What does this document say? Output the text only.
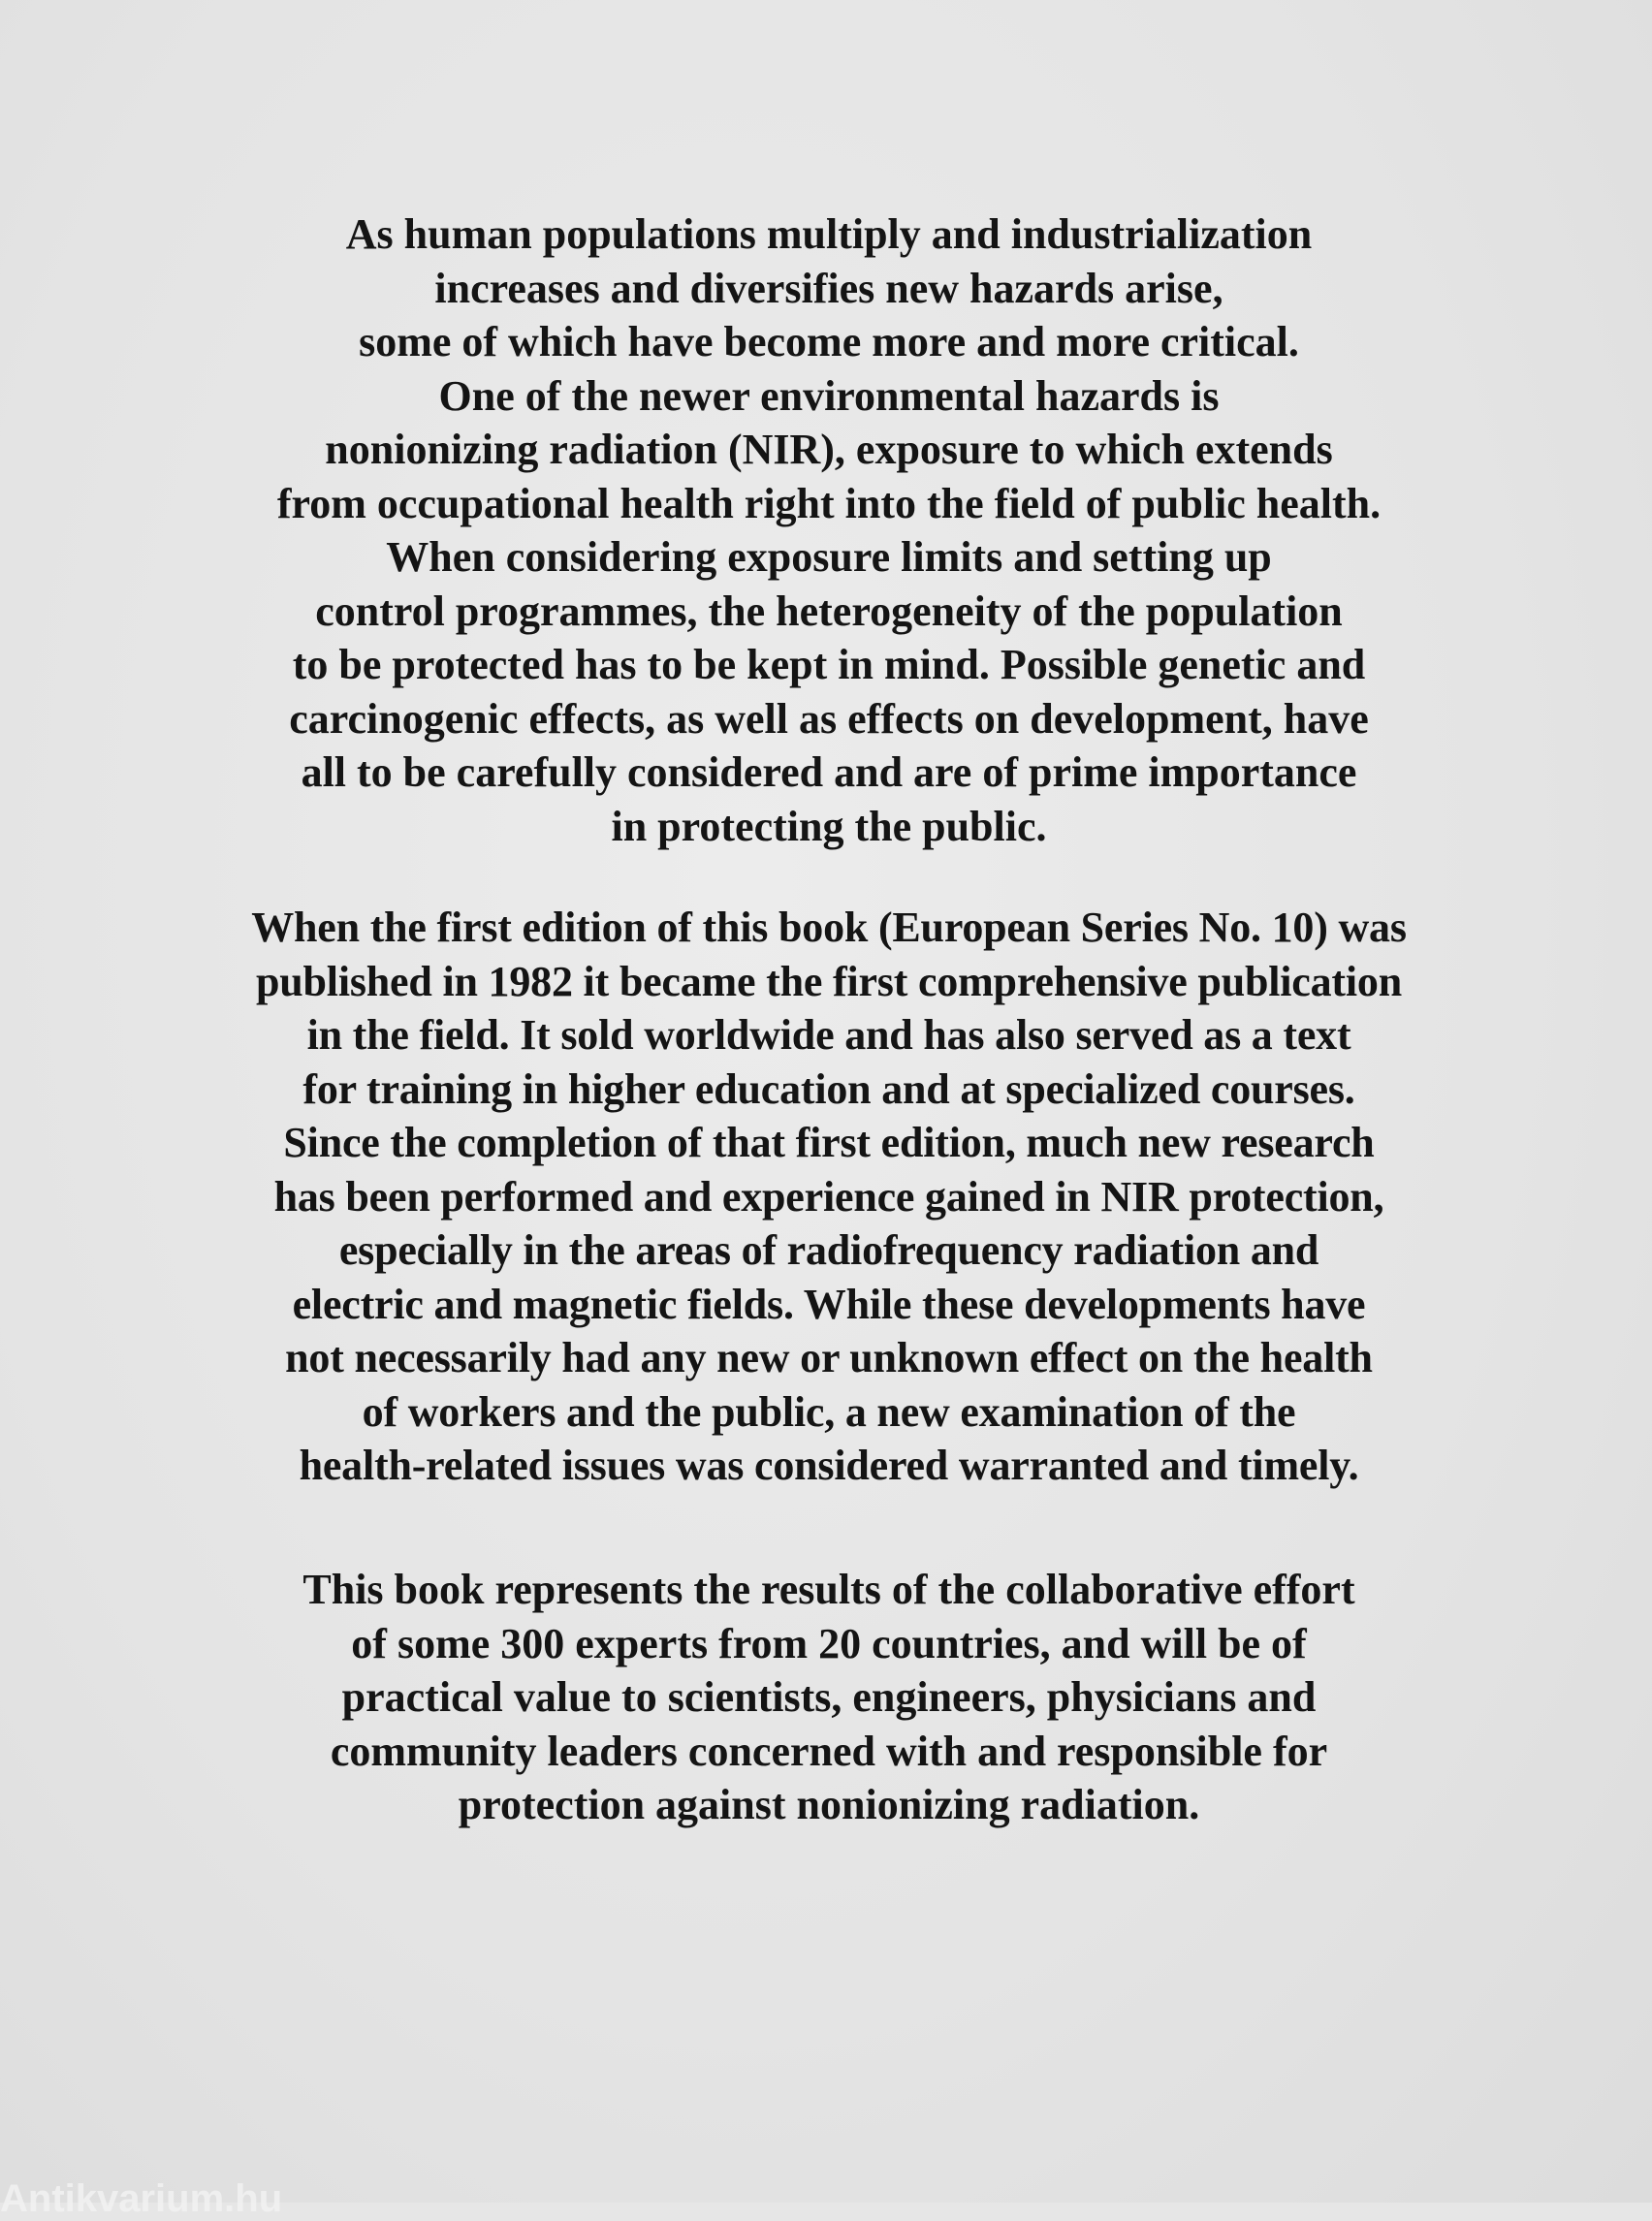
As human populations multiply and industrialization
increases and diversifies new hazards arise,
some of which have become more and more critical.
One of the newer environmental hazards is
nonionizing radiation (NIR), exposure to which extends
from occupational health right into the field of public health.
When considering exposure limits and setting up
control programmes, the heterogeneity of the population
to be protected has to be kept in mind. Possible genetic and
carcinogenic effects, as well as effects on development, have
all to be carefully considered and are of prime importance
in protecting the public.
When the first edition of this book (European Series No. 10) was
published in 1982 it became the first comprehensive publication
in the field. It sold worldwide and has also served as a text
for training in higher education and at specialized courses.
Since the completion of that first edition, much new research
has been performed and experience gained in NIR protection,
especially in the areas of radiofrequency radiation and
electric and magnetic fields. While these developments have
not necessarily had any new or unknown effect on the health
of workers and the public, a new examination of the
health-related issues was considered warranted and timely.
This book represents the results of the collaborative effort
of some 300 experts from 20 countries, and will be of
practical value to scientists, engineers, physicians and
community leaders concerned with and responsible for
protection against nonionizing radiation.
Antikvarium.hu
